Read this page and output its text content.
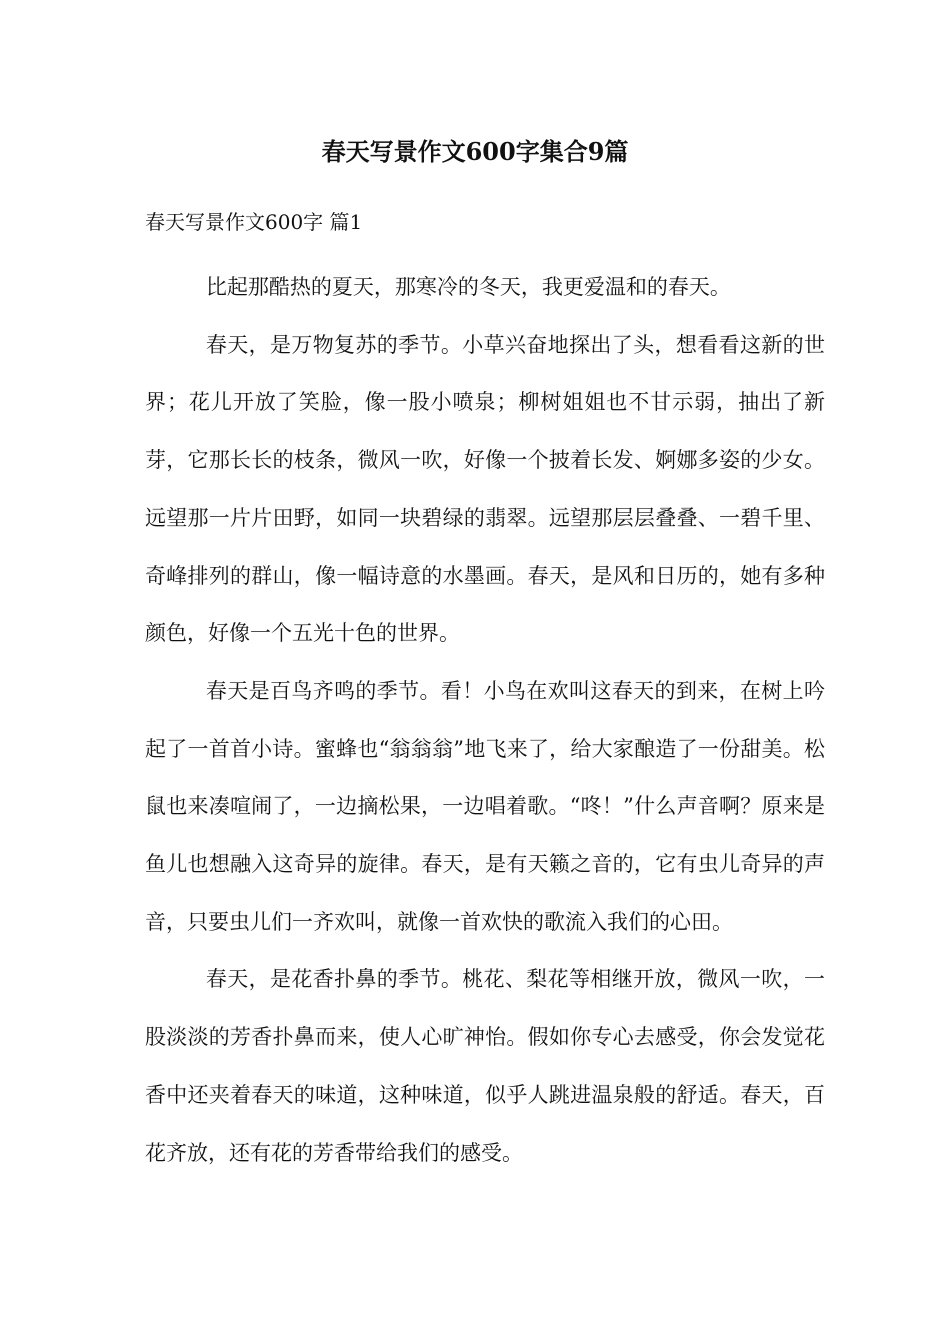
春天写景作文600字集合9篇
春天写景作文600字 篇1

比起那酷热的夏天，那寒冷的冬天，我更爱温和的春天。

春天，是万物复苏的季节。小草兴奋地探出了头，想看看这新的世界；花儿开放了笑脸，像一股小喷泉；柳树姐姐也不甘示弱，抽出了新芽，它那长长的枝条，微风一吹，好像一个披着长发、婀娜多姿的少女。远望那一片片田野，如同一块碧绿的翡翠。远望那层层叠叠、一碧千里、奇峰排列的群山，像一幅诗意的水墨画。春天，是风和日历的，她有多种颜色，好像一个五光十色的世界。

春天是百鸟齐鸣的季节。看！小鸟在欢叫这春天的到来，在树上吟起了一首首小诗。蜜蜂也“翁翁翁”地飞来了，给大家酿造了一份甜美。松鼠也来凑喧闹了，一边摘松果，一边唱着歌。“咚！”什么声音啊？原来是鱼儿也想融入这奇异的旋律。春天，是有天籁之音的，它有虫儿奇异的声音，只要虫儿们一齐欢叫，就像一首欢快的歌流入我们的心田。

春天，是花香扑鼻的季节。桃花、梨花等相继开放，微风一吹，一股淡淡的芳香扑鼻而来，使人心旷神怡。假如你专心去感受，你会发觉花香中还夹着春天的味道，这种味道，似乎人跳进温泉般的舒适。春天，百花齐放，还有花的芳香带给我们的感受。
